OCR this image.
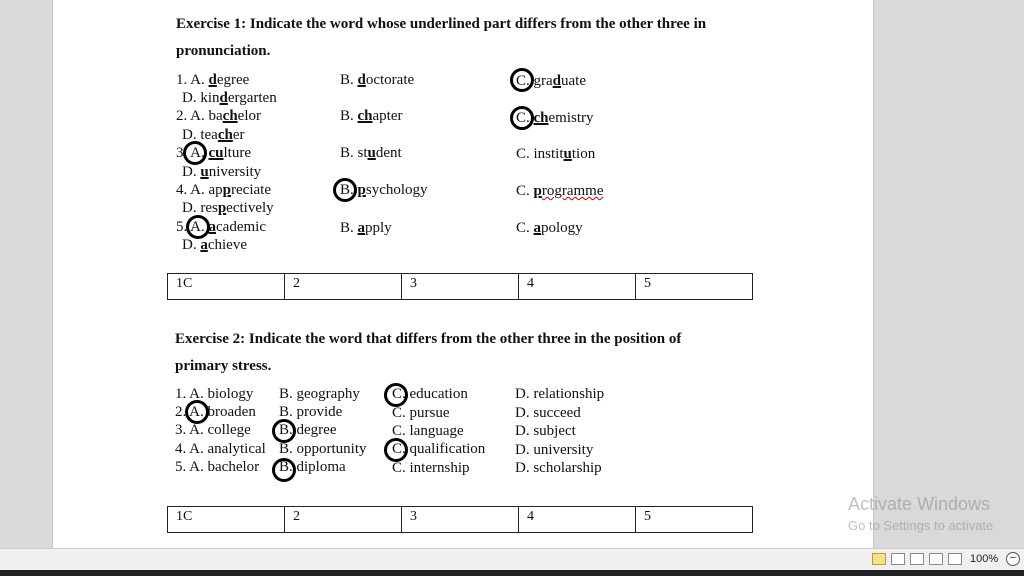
Exercise 1: Indicate the word whose underlined part differs from the other three in
pronunciation.
1. A. degree	B. doctorate	C. graduate
D. kindergarten
2. A. bachelor	B. chapter	C. chemistry
D. teacher
3. A. culture	B. student	C. institution
D. university
4. A. appreciate	B. psychology	C. programme
D. respectively
5. A. academic	B. apply	C. apology
D. achieve
1C	2	3	4	5
Exercise 2: Indicate the word that differs from the other three in the position of
primary stress.
1. A. biology B. geography C. education	D. relationship
2. A. broaden B. provide	C. pursue	D. succeed
3. A. college B. degree	C. language	D. subject
4. A. analytical B. opportunity C. qualification D. university
5. A. bachelor B. diploma	C. internship	D. scholarship
1C	2	3	4	5
Activate Windows
Go to Settings to activate
100%	−
